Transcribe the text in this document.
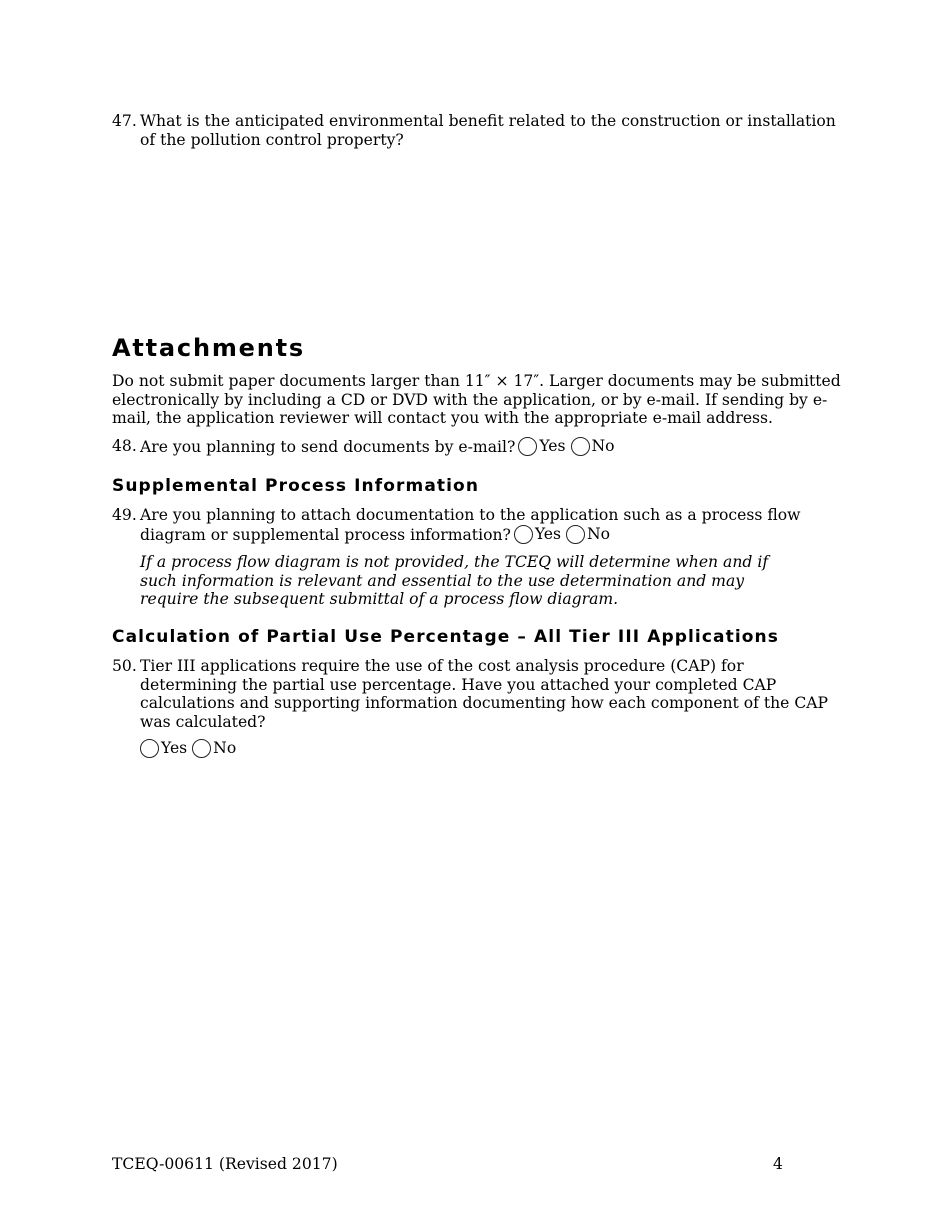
47. What is the anticipated environmental benefit related to the construction or installation of the pollution control property?
Attachments
Do not submit paper documents larger than 11″ × 17″. Larger documents may be submitted electronically by including a CD or DVD with the application, or by e-mail. If sending by e-mail, the application reviewer will contact you with the appropriate e-mail address.
48. Are you planning to send documents by e-mail? Yes No
Supplemental Process Information
49. Are you planning to attach documentation to the application such as a process flow diagram or supplemental process information? Yes No
If a process flow diagram is not provided, the TCEQ will determine when and if such information is relevant and essential to the use determination and may require the subsequent submittal of a process flow diagram.
Calculation of Partial Use Percentage – All Tier III Applications
50. Tier III applications require the use of the cost analysis procedure (CAP) for determining the partial use percentage. Have you attached your completed CAP calculations and supporting information documenting how each component of the CAP was calculated?
Yes No
TCEQ-00611 (Revised 2017)	4
